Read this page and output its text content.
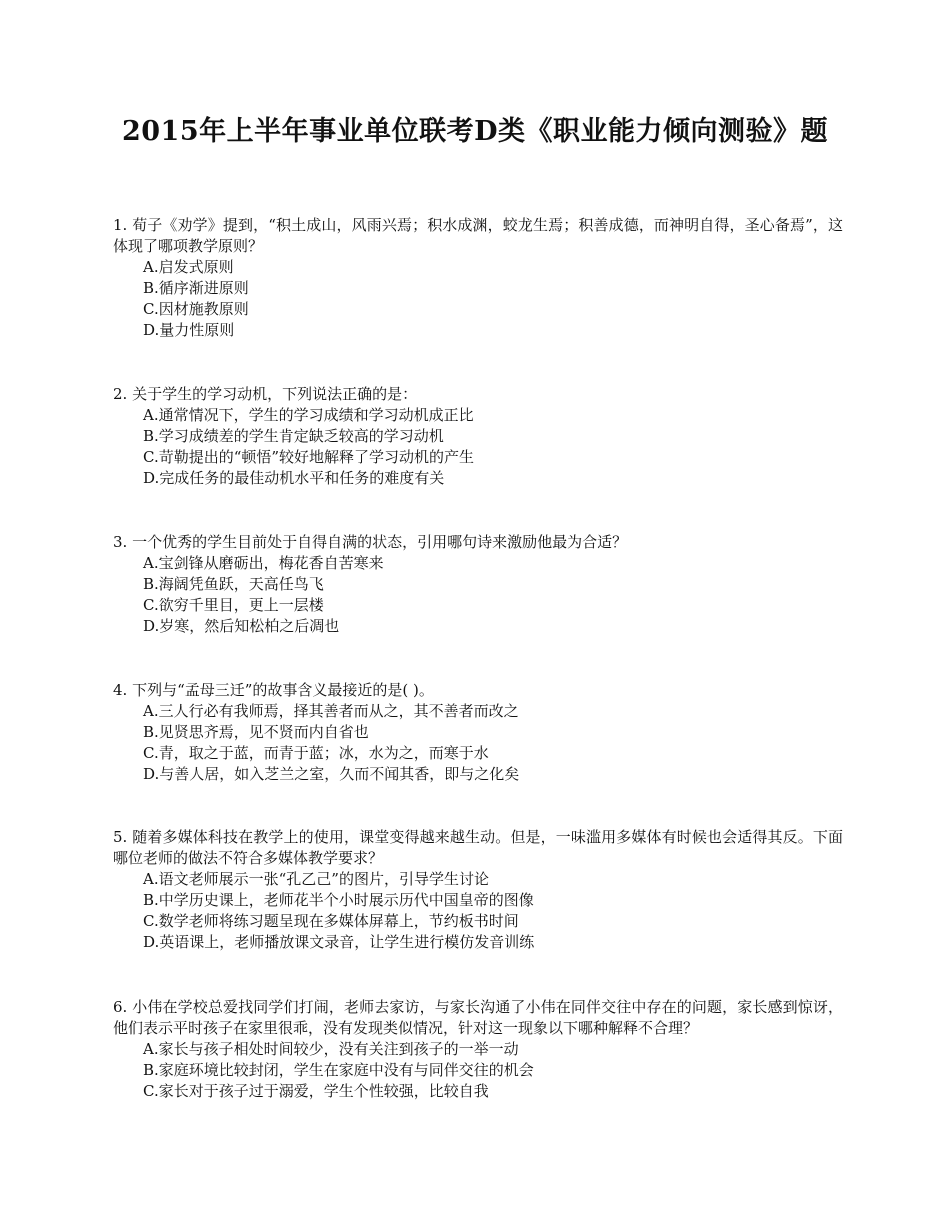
2015年上半年事业单位联考D类《职业能力倾向测验》题

1. 荀子《劝学》提到，“积土成山，风雨兴焉；积水成渊，蛟龙生焉；积善成德，而神明自得，圣心备焉”，这体现了哪项教学原则？

A.启发式原则
B.循序渐进原则
C.因材施教原则
D.量力性原则

2. 关于学生的学习动机，下列说法正确的是：

A.通常情况下，学生的学习成绩和学习动机成正比
B.学习成绩差的学生肯定缺乏较高的学习动机
C.苛勒提出的“顿悟”较好地解释了学习动机的产生
D.完成任务的最佳动机水平和任务的难度有关

3. 一个优秀的学生目前处于自得自满的状态，引用哪句诗来激励他最为合适？

A.宝剑锋从磨砺出，梅花香自苦寒来
B.海阔凭鱼跃，天高任鸟飞
C.欲穷千里目，更上一层楼
D.岁寒，然后知松柏之后凋也

4. 下列与“孟母三迁”的故事含义最接近的是( )。

A.三人行必有我师焉，择其善者而从之，其不善者而改之
B.见贤思齐焉，见不贤而内自省也
C.青，取之于蓝，而青于蓝；冰，水为之，而寒于水
D.与善人居，如入芝兰之室，久而不闻其香，即与之化矣

5. 随着多媒体科技在教学上的使用，课堂变得越来越生动。但是，一味滥用多媒体有时候也会适得其反。下面哪位老师的做法不符合多媒体教学要求？

A.语文老师展示一张“孔乙己”的图片，引导学生讨论
B.中学历史课上，老师花半个小时展示历代中国皇帝的图像
C.数学老师将练习题呈现在多媒体屏幕上，节约板书时间
D.英语课上，老师播放课文录音，让学生进行模仿发音训练

6. 小伟在学校总爱找同学们打闹，老师去家访，与家长沟通了小伟在同伴交往中存在的问题，家长感到惊讶，他们表示平时孩子在家里很乖，没有发现类似情况，针对这一现象以下哪种解释不合理？

A.家长与孩子相处时间较少，没有关注到孩子的一举一动
B.家庭环境比较封闭，学生在家庭中没有与同伴交往的机会
C.家长对于孩子过于溺爱，学生个性较强，比较自我
